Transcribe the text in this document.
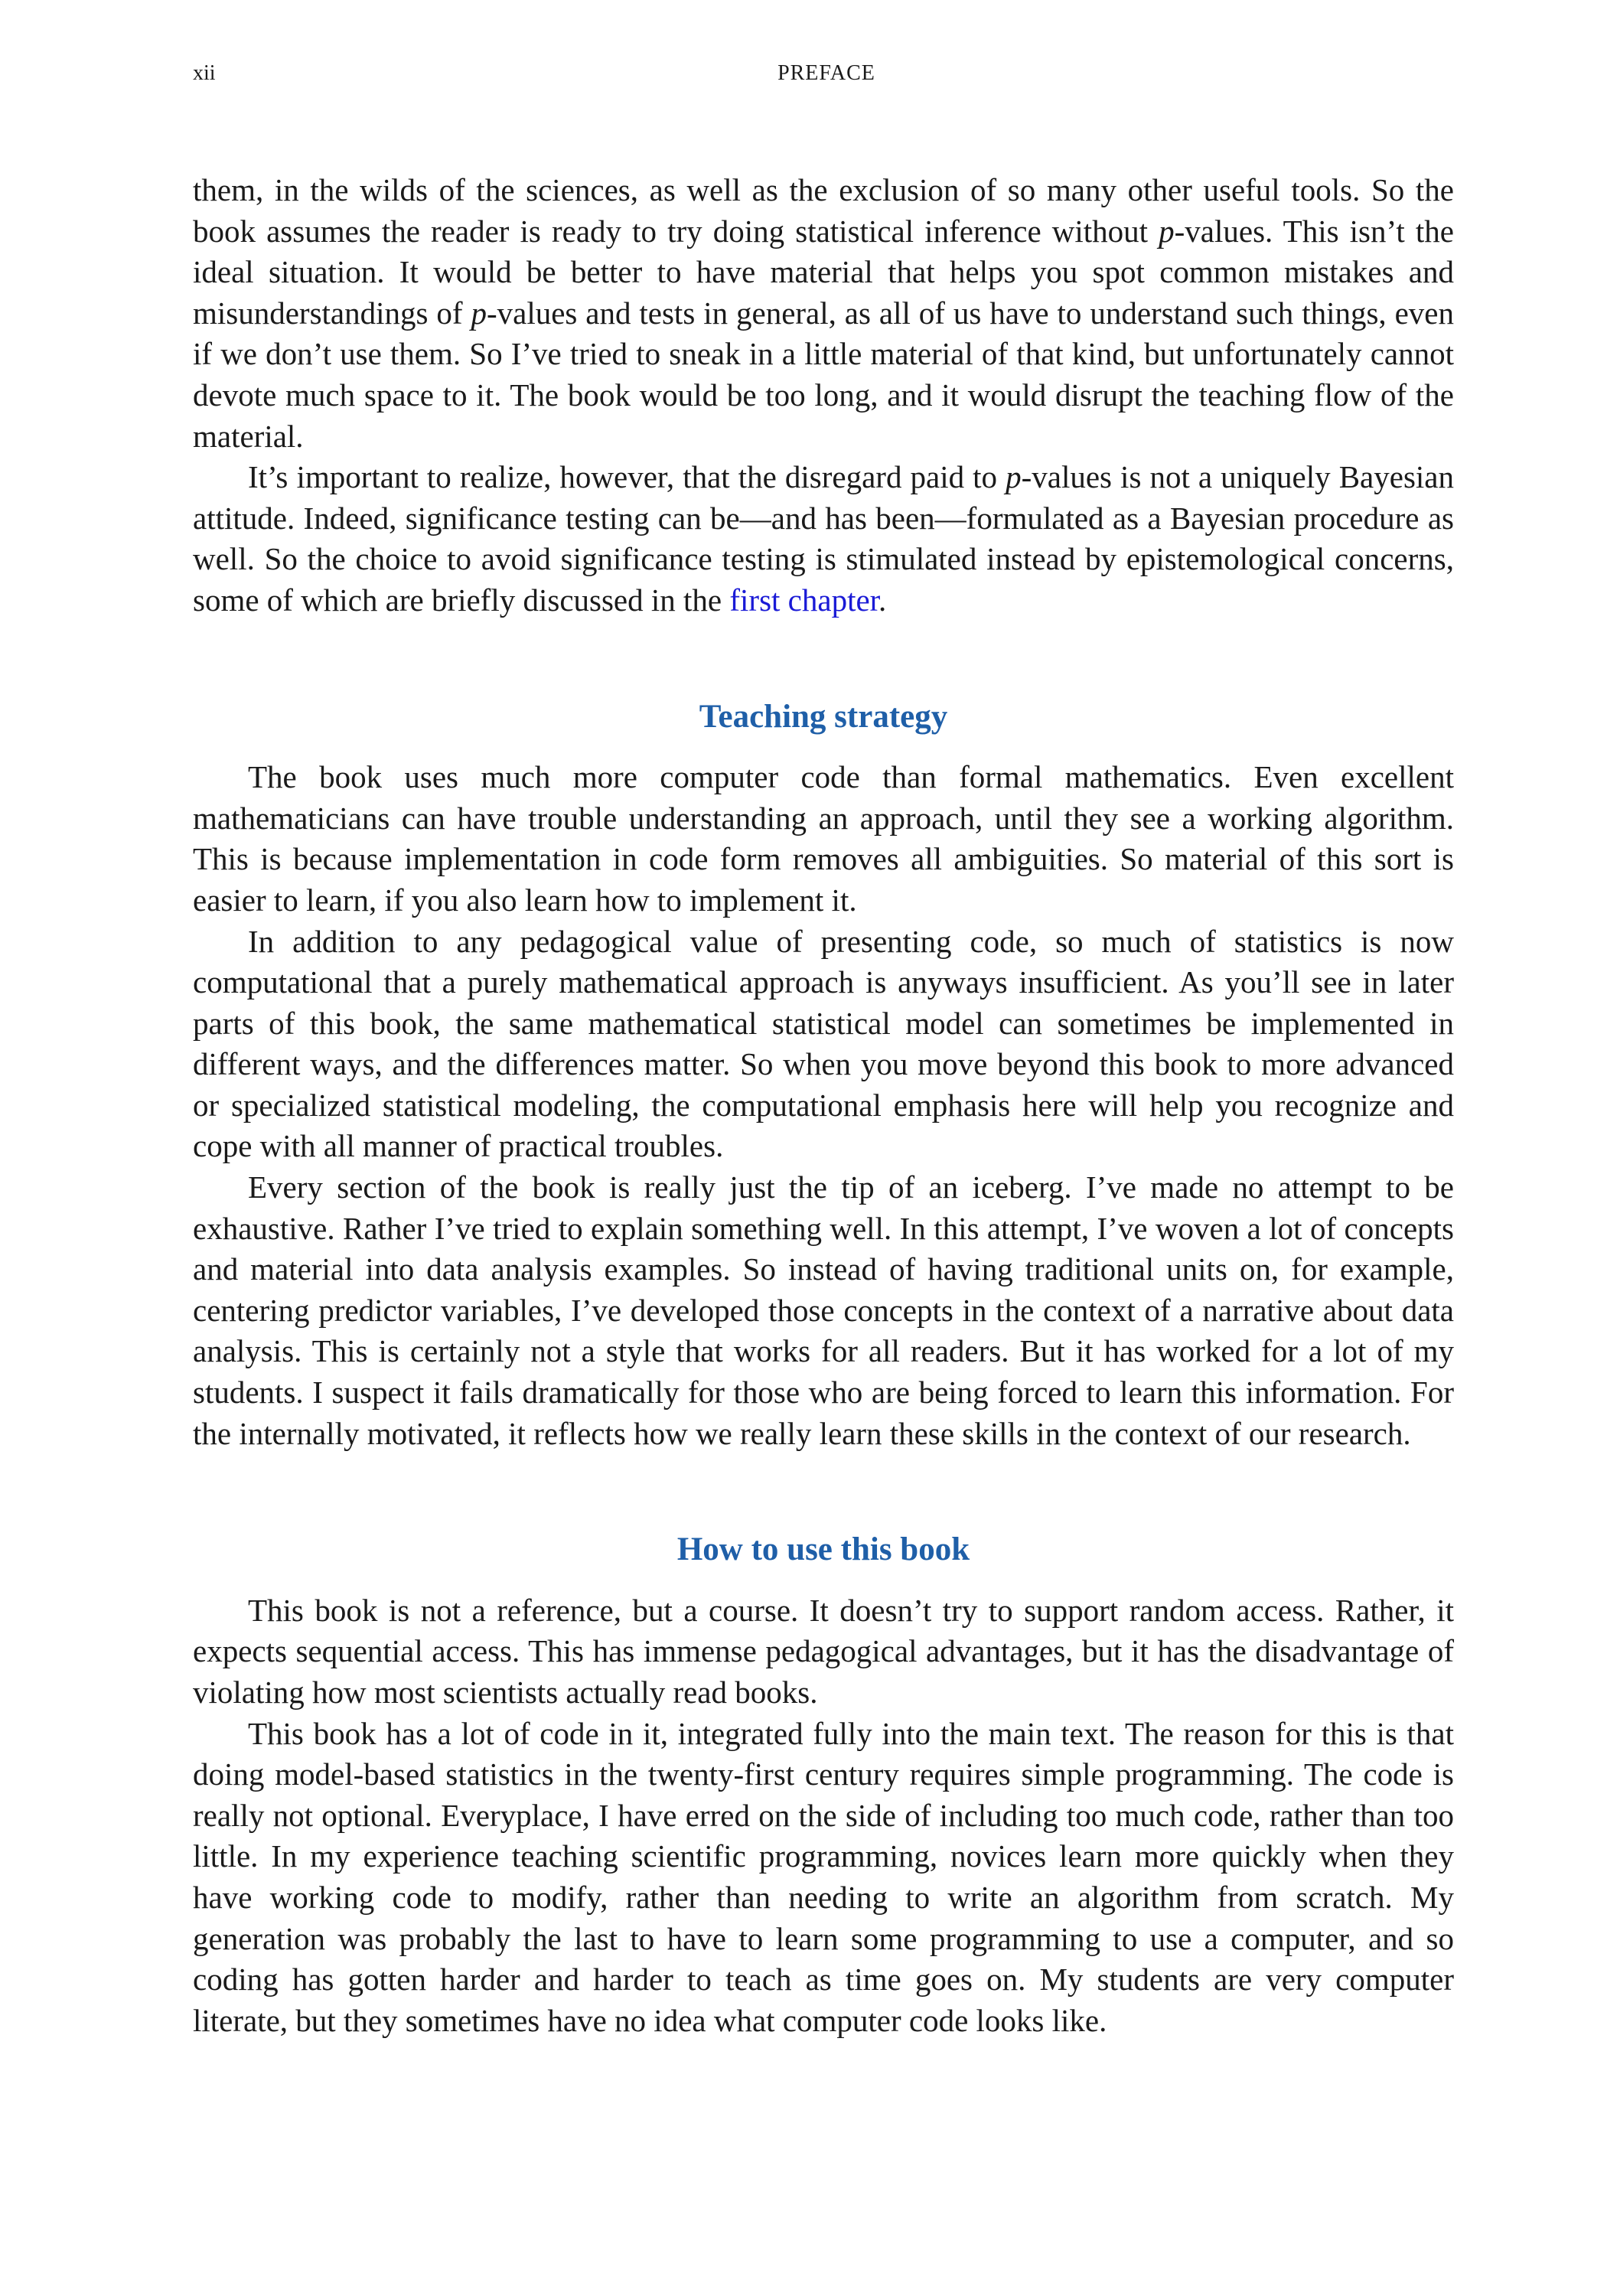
xii	PREFACE

them, in the wilds of the sciences, as well as the exclusion of so many other useful tools. So the book assumes the reader is ready to try doing statistical inference without p-values. This isn’t the ideal situation. It would be better to have material that helps you spot common mistakes and misunderstandings of p-values and tests in general, as all of us have to understand such things, even if we don’t use them. So I’ve tried to sneak in a little material of that kind, but unfortunately cannot devote much space to it. The book would be too long, and it would disrupt the teaching flow of the material.

It’s important to realize, however, that the disregard paid to p-values is not a uniquely Bayesian attitude. Indeed, significance testing can be—and has been—formulated as a Bayesian procedure as well. So the choice to avoid significance testing is stimulated instead by epistemological concerns, some of which are briefly discussed in the first chapter.

Teaching strategy

The book uses much more computer code than formal mathematics. Even excellent mathematicians can have trouble understanding an approach, until they see a working algorithm. This is because implementation in code form removes all ambiguities. So material of this sort is easier to learn, if you also learn how to implement it.

In addition to any pedagogical value of presenting code, so much of statistics is now computational that a purely mathematical approach is anyways insufficient. As you’ll see in later parts of this book, the same mathematical statistical model can sometimes be implemented in different ways, and the differences matter. So when you move beyond this book to more advanced or specialized statistical modeling, the computational emphasis here will help you recognize and cope with all manner of practical troubles.

Every section of the book is really just the tip of an iceberg. I’ve made no attempt to be exhaustive. Rather I’ve tried to explain something well. In this attempt, I’ve woven a lot of concepts and material into data analysis examples. So instead of having traditional units on, for example, centering predictor variables, I’ve developed those concepts in the context of a narrative about data analysis. This is certainly not a style that works for all readers. But it has worked for a lot of my students. I suspect it fails dramatically for those who are being forced to learn this information. For the internally motivated, it reflects how we really learn these skills in the context of our research.

How to use this book

This book is not a reference, but a course. It doesn’t try to support random access. Rather, it expects sequential access. This has immense pedagogical advantages, but it has the disadvantage of violating how most scientists actually read books.

This book has a lot of code in it, integrated fully into the main text. The reason for this is that doing model-based statistics in the twenty-first century requires simple programming. The code is really not optional. Everyplace, I have erred on the side of including too much code, rather than too little. In my experience teaching scientific programming, novices learn more quickly when they have working code to modify, rather than needing to write an algorithm from scratch. My generation was probably the last to have to learn some programming to use a computer, and so coding has gotten harder and harder to teach as time goes on. My students are very computer literate, but they sometimes have no idea what computer code looks like.
